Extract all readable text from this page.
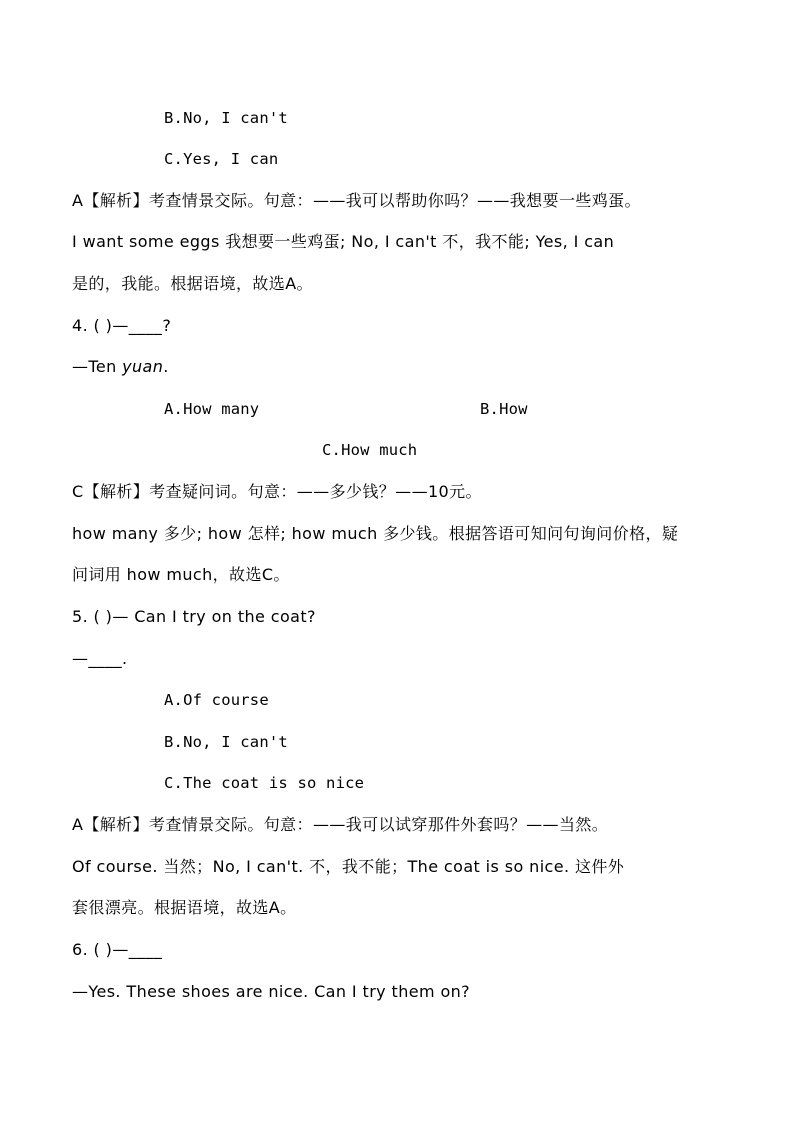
B.No, I can't
C.Yes, I can
A【解析】考查情景交际。句意：——我可以帮助你吗？——我想要一些鸡蛋。
I want some eggs 我想要一些鸡蛋; No, I can't 不，我不能; Yes, I can
是的，我能。根据语境，故选A。
4. ( )—____?
—Ten yuan.
A.How many	B.How
C.How much
C【解析】考查疑问词。句意：——多少钱？——10元。
how many 多少; how 怎样; how much 多少钱。根据答语可知问句询问价格，疑
问词用 how much，故选C。
5. ( )— Can I try on the coat?
—____.
A.Of course
B.No, I can't
C.The coat is so nice
A【解析】考查情景交际。句意：——我可以试穿那件外套吗？——当然。
Of course. 当然；No, I can't. 不，我不能；The coat is so nice. 这件外
套很漂亮。根据语境，故选A。
6. ( )—____
—Yes. These shoes are nice. Can I try them on?
